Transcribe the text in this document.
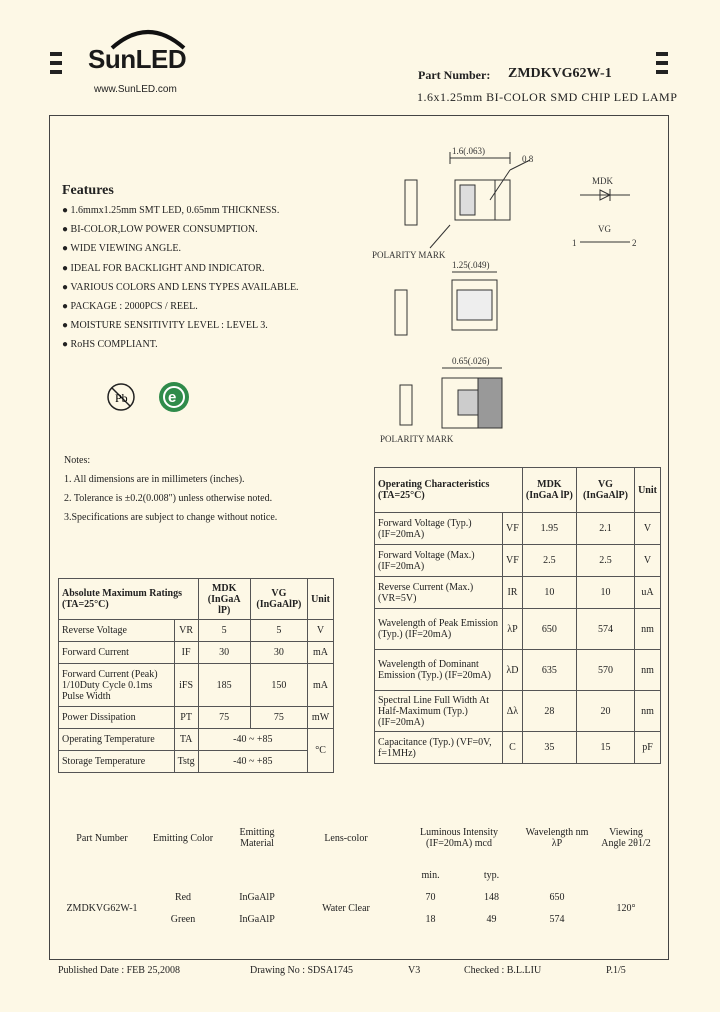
SunLED
www.SunLED.com
Part Number: ZMDKVG62W-1
1.6x1.25mm BI-COLOR SMD CHIP LED LAMP
Features
● 1.6mmx1.25mm SMT LED, 0.65mm THICKNESS.
● BI-COLOR,LOW POWER CONSUMPTION.
● WIDE VIEWING ANGLE.
● IDEAL FOR BACKLIGHT AND INDICATOR.
● VARIOUS COLORS AND LENS TYPES AVAILABLE.
● PACKAGE : 2000PCS / REEL.
● MOISTURE SENSITIVITY LEVEL : LEVEL 3.
● RoHS COMPLIANT.
Pb	e
1.6(.063)
0.8
POLARITY MARK
MDK
VG
1	2
1.25(.049)
0.65(.026)
POLARITY MARK
Notes:
1. All dimensions are in millimeters (inches).
2. Tolerance is ±0.2(0.008") unless otherwise noted.
3.Specifications are subject to change without notice.
Absolute Maximum Ratings
(TA=25°C)		MDK (InGaA lP)	VG (InGaAlP)	Unit
Reverse Voltage	VR	5	5	V
Forward Current	IF	30	30	mA
Forward Current (Peak) 1/10Duty Cycle 0.1ms Pulse Width	iFS	185	150	mA
Power Dissipation	PT	75	75	mW
Operating Temperature	TA	-40 ~ +85		°C
Storage Temperature	Tstg	-40 ~ +85		
Operating Characteristics
(TA=25°C)		MDK (InGaA lP)	VG (InGaAlP)	Unit
Forward Voltage (Typ.) (IF=20mA)	VF	1.95	2.1	V
Forward Voltage (Max.) (IF=20mA)	VF	2.5	2.5	V
Reverse Current (Max.) (VR=5V)	IR	10	10	uA
Wavelength of Peak Emission (Typ.) (IF=20mA)	λP	650	574	nm
Wavelength of Dominant Emission (Typ.) (IF=20mA)	λD	635	570	nm
Spectral Line Full Width At Half-Maximum (Typ.) (IF=20mA)	Δλ	28	20	nm
Capacitance (Typ.) (VF=0V, f=1MHz)	C	35	15	pF
Part Number	Emitting Color	Emitting Material	Lens-color	Luminous Intensity (IF=20mA) mcd		Wavelength nm λP	Viewing Angle 2θ1/2
				min.	typ.		
ZMDKVG62W-1	Red	InGaAlP	Water Clear	70	148	650	120°
	Green	InGaAlP		18	49	574	
Published Date : FEB 25,2008	Drawing No : SDSA1745	V3	Checked : B.L.LIU	P.1/5
